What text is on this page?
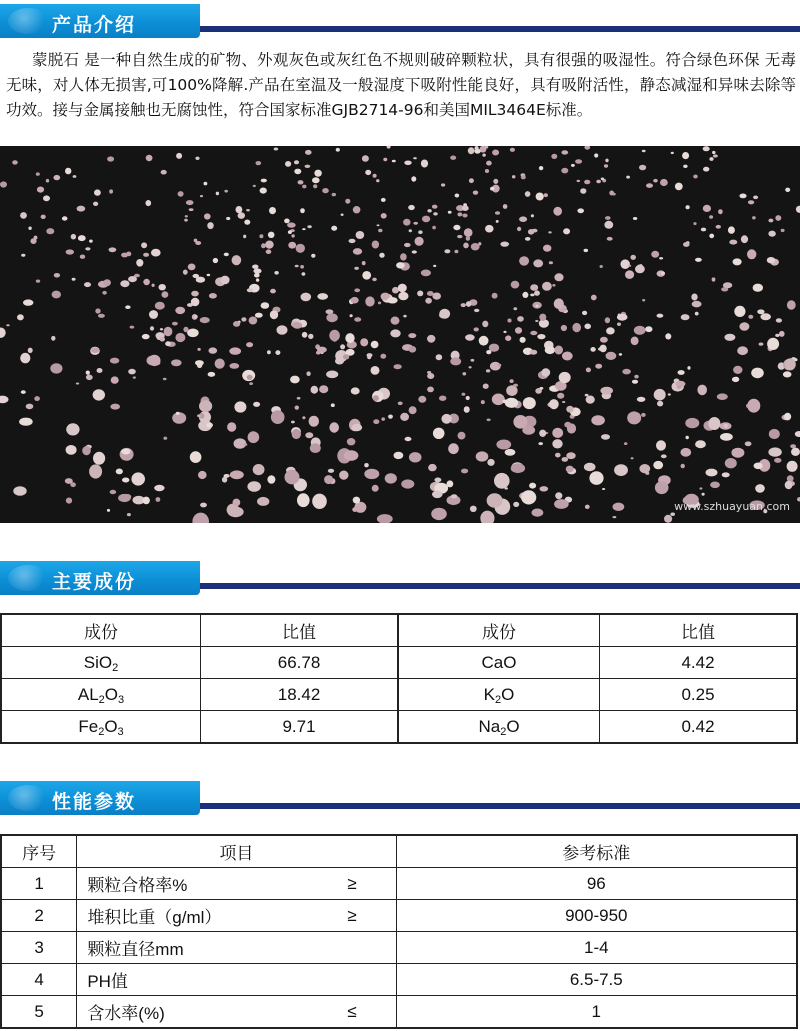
产品介绍

蒙脱石 是一种自然生成的矿物、外观灰色或灰红色不规则破碎颗粒状，具有很强的吸湿性。符合绿色环保 无毒无味，对人体无损害,可100%降解.产品在室温及一般湿度下吸附性能良好，具有吸附活性，静态减湿和异味去除等功效。接与金属接触也无腐蚀性，符合国家标准GJB2714-96和美国MIL3464E标准。

www.szhuayuan.com
主要成份
成份	比值	成份	比值
SiO$_2$	66.78	CaO	4.42
$AL_2O_3$	18.42	$K_2O$	0.25
$Fe_2O_3$	9.71	$Na_2O$	0.42
性能参数
序号	项目	参考标准
1	颗粒合格率% ≥	96
2	堆积比重（g/ml） ≥	900-950
3	颗粒直径mm	1-4
4	PH值	6.5-7.5
5	含水率(%) ≤	1
